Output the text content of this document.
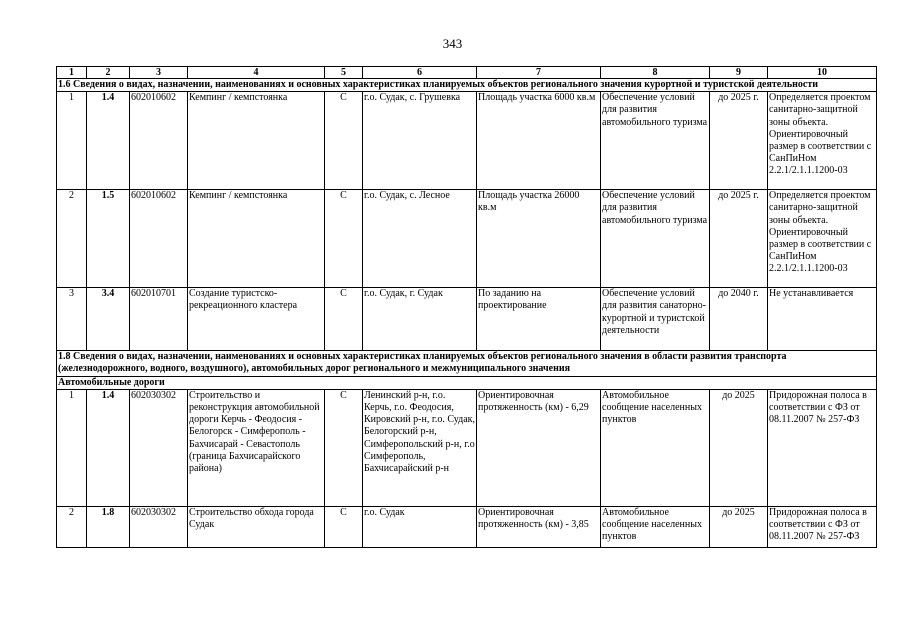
343
1	2	3	4	5	6	7	8	9	10
1.6 Сведения о видах, назначении, наименованиях и основных характеристиках планируемых объектов регионального значения курортной и туристской деятельности									
1	1.4	602010602	Кемпинг / кемпстоянка	С	г.о. Судак, с. Грушевка	Площадь участка 6000 кв.м	Обеспечение условий для развития автомобильного туризма	до 2025 г.	Определяется проектом санитарно-защитной зоны объекта. Ориентировочный размер в соответствии с СанПиНом 2.2.1/2.1.1.1200-03
2	1.5	602010602	Кемпинг / кемпстоянка	С	г.о. Судак, с. Лесное	Площадь участка 26000 кв.м	Обеспечение условий для развития автомобильного туризма	до 2025 г.	Определяется проектом санитарно-защитной зоны объекта. Ориентировочный размер в соответствии с СанПиНом 2.2.1/2.1.1.1200-03
3	3.4	602010701	Создание туристско-рекреационного кластера	С	г.о. Судак, г. Судак	По заданию на проектирование	Обеспечение условий для развития санаторно-курортной и туристской деятельности	до 2040 г.	Не устанавливается
1.8 Сведения о видах, назначении, наименованиях и основных характеристиках планируемых объектов регионального значения в области развития транспорта (железнодорожного, водного, воздушного), автомобильных дорог регионального и межмуниципального значения									
Автомобильные дороги									
1	1.4	602030302	Строительство и реконструкция автомобильной дороги Керчь - Феодосия - Белогорск - Симферополь - Бахчисарай - Севастополь (граница Бахчисарайского района)	С	Ленинский р-н, г.о. Керчь, г.о. Феодосия, Кировский р-н, г.о. Судак, Белогорский р-н, Симферопольский р-н, г.о Симферополь, Бахчисарайский р-н	Ориентировочная протяженность (км) - 6,29	Автомобильное сообщение населенных пунктов	до 2025	Придорожная полоса в соответствии с ФЗ от 08.11.2007 № 257-ФЗ
2	1.8	602030302	Строительство обхода города Судак	С	г.о. Судак	Ориентировочная протяженность (км) - 3,85	Автомобильное сообщение населенных пунктов	до 2025	Придорожная полоса в соответствии с ФЗ от 08.11.2007 № 257-ФЗ
